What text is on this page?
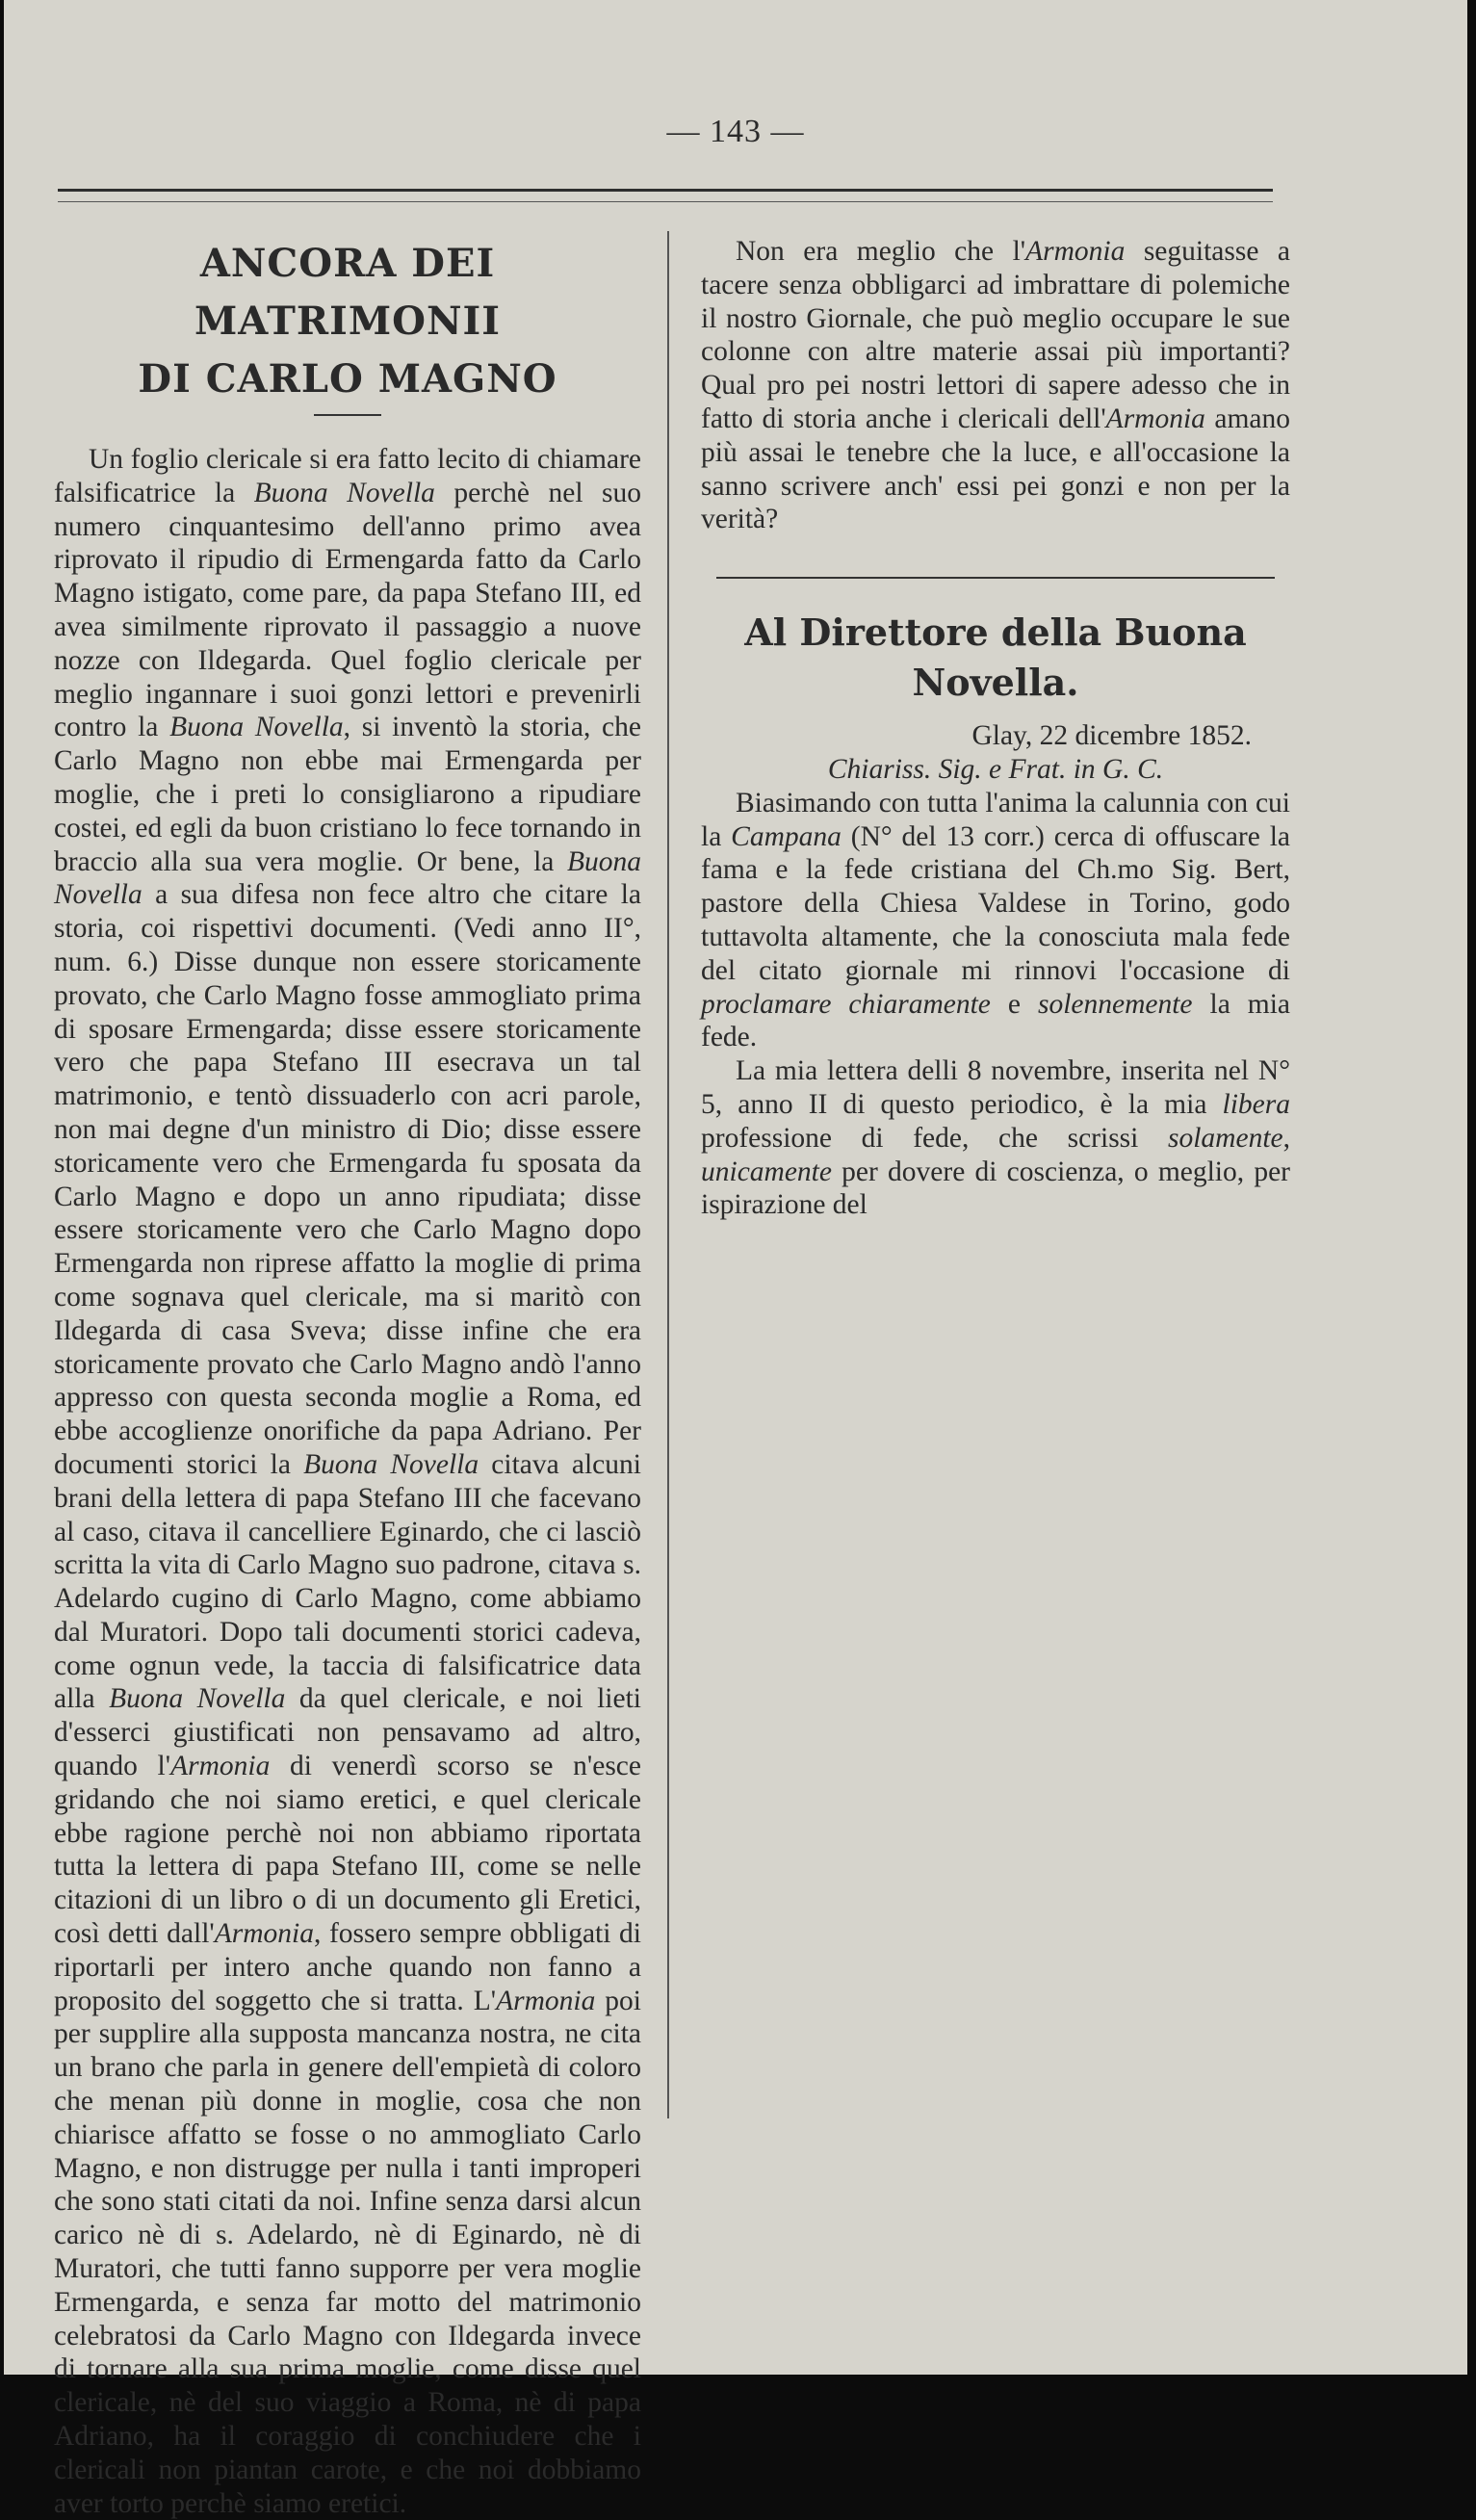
— 143 —
ANCORA DEI MATRIMONII
DI CARLO MAGNO

Un foglio clericale si era fatto lecito di chiamare falsificatrice la Buona Novella perchè nel suo numero cinquantesimo dell'anno primo avea riprovato il ripudio di Ermengarda fatto da Carlo Magno istigato, come pare, da papa Stefano III, ed avea similmente riprovato il passaggio a nuove nozze con Ildegarda. Quel foglio clericale per meglio ingannare i suoi gonzi lettori e prevenirli contro la Buona Novella, si inventò la storia, che Carlo Magno non ebbe mai Ermengarda per moglie, che i preti lo consigliarono a ripudiare costei, ed egli da buon cristiano lo fece tornando in braccio alla sua vera moglie. Or bene, la Buona Novella a sua difesa non fece altro che citare la storia, coi rispettivi documenti. (Vedi anno II°, num. 6.) Disse dunque non essere storicamente provato, che Carlo Magno fosse ammogliato prima di sposare Ermengarda; disse essere storicamente vero che papa Stefano III esecrava un tal matrimonio, e tentò dissuaderlo con acri parole, non mai degne d'un ministro di Dio; disse essere storicamente vero che Ermengarda fu sposata da Carlo Magno e dopo un anno ripudiata; disse essere storicamente vero che Carlo Magno dopo Ermengarda non riprese affatto la moglie di prima come sognava quel clericale, ma si maritò con Ildegarda di casa Sveva; disse infine che era storicamente provato che Carlo Magno andò l'anno appresso con questa seconda moglie a Roma, ed ebbe accoglienze onorifiche da papa Adriano. Per documenti storici la Buona Novella citava alcuni brani della lettera di papa Stefano III che facevano al caso, citava il cancelliere Eginardo, che ci lasciò scritta la vita di Carlo Magno suo padrone, citava s. Adelardo cugino di Carlo Magno, come abbiamo dal Muratori. Dopo tali documenti storici cadeva, come ognun vede, la taccia di falsificatrice data alla Buona Novella da quel clericale, e noi lieti d'esserci giustificati non pensavamo ad altro, quando l'Armonia di venerdì scorso se n'esce gridando che noi siamo eretici, e quel clericale ebbe ragione perchè noi non abbiamo riportata tutta la lettera di papa Stefano III, come se nelle citazioni di un libro o di un documento gli Eretici, così detti dall'Armonia, fossero sempre obbligati di riportarli per intero anche quando non fanno a proposito del soggetto che si tratta. L'Armonia poi per supplire alla supposta mancanza nostra, ne cita un brano che parla in genere dell'empietà di coloro che menan più donne in moglie, cosa che non chiarisce affatto se fosse o no ammogliato Carlo Magno, e non distrugge per nulla i tanti improperi che sono stati citati da noi. Infine senza darsi alcun carico nè di s. Adelardo, nè di Eginardo, nè di Muratori, che tutti fanno supporre per vera moglie Ermengarda, e senza far motto del matrimonio celebratosi da Carlo Magno con Ildegarda invece di tornare alla sua prima moglie, come disse quel clericale, nè del suo viaggio a Roma, nè di papa Adriano, ha il coraggio di conchiudere che i clericali non piantan carote, e che noi dobbiamo aver torto perchè siamo eretici.

Non era meglio che l'Armonia seguitasse a tacere senza obbligarci ad imbrattare di polemiche il nostro Giornale, che può meglio occupare le sue colonne con altre materie assai più importanti? Qual pro pei nostri lettori di sapere adesso che in fatto di storia anche i clericali dell'Armonia amano più assai le tenebre che la luce, e all'occasione la sanno scrivere anch' essi pei gonzi e non per la verità?

Al Direttore della Buona Novella.

Glay, 22 dicembre 1852.

Chiariss. Sig. e Frat. in G. C.

Biasimando con tutta l'anima la calunnia con cui la Campana (N° del 13 corr.) cerca di offuscare la fama e la fede cristiana del Ch.mo Sig. Bert, pastore della Chiesa Valdese in Torino, godo tuttavolta altamente, che la conosciuta mala fede del citato giornale mi rinnovi l'occasione di proclamare chiaramente e solennemente la mia fede.

La mia lettera delli 8 novembre, inserita nel N° 5, anno II di questo periodico, è la mia libera professione di fede, che scrissi solamente, unicamente per dovere di coscienza, o meglio, per ispirazione del
